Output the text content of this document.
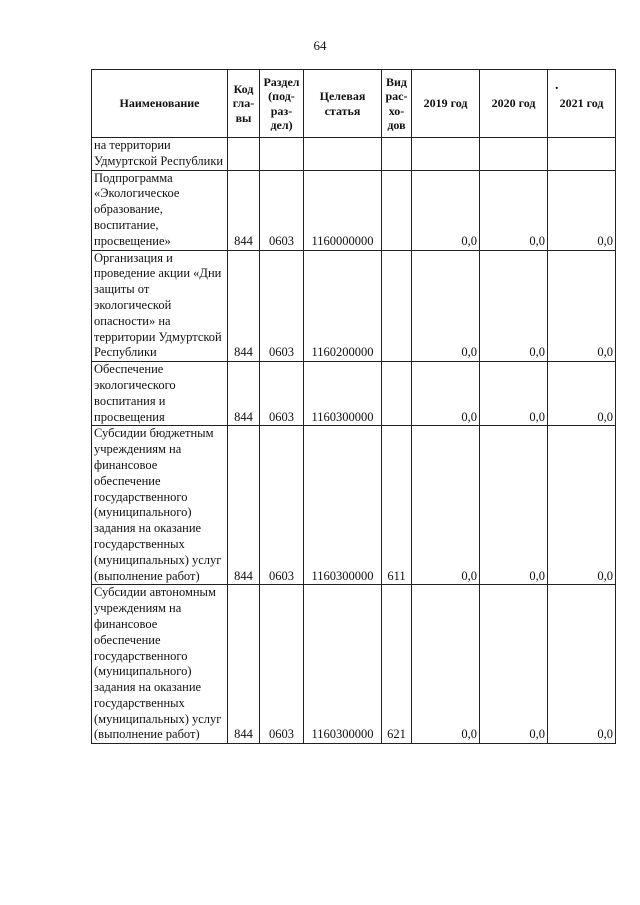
64
.
Наименование	Код гла-вы	Раздел (под-раз-дел)	Целевая статья	Вид рас-хо-дов	2019 год	2020 год	2021 год
на территории Удмуртской Республики							
Подпрограмма «Экологическое образование, воспитание, просвещение»	844	0603	1160000000		0,0	0,0	0,0
Организация и проведение акции «Дни защиты от экологической опасности» на территории Удмуртской Республики	844	0603	1160200000		0,0	0,0	0,0
Обеспечение экологического воспитания и просвещения	844	0603	1160300000		0,0	0,0	0,0
Субсидии бюджетным учреждениям на финансовое обеспечение государственного (муниципального) задания на оказание государственных (муниципальных) услуг (выполнение работ)	844	0603	1160300000	611	0,0	0,0	0,0
Субсидии автономным учреждениям на финансовое обеспечение государственного (муниципального) задания на оказание государственных (муниципальных) услуг (выполнение работ)	844	0603	1160300000	621	0,0	0,0	0,0
